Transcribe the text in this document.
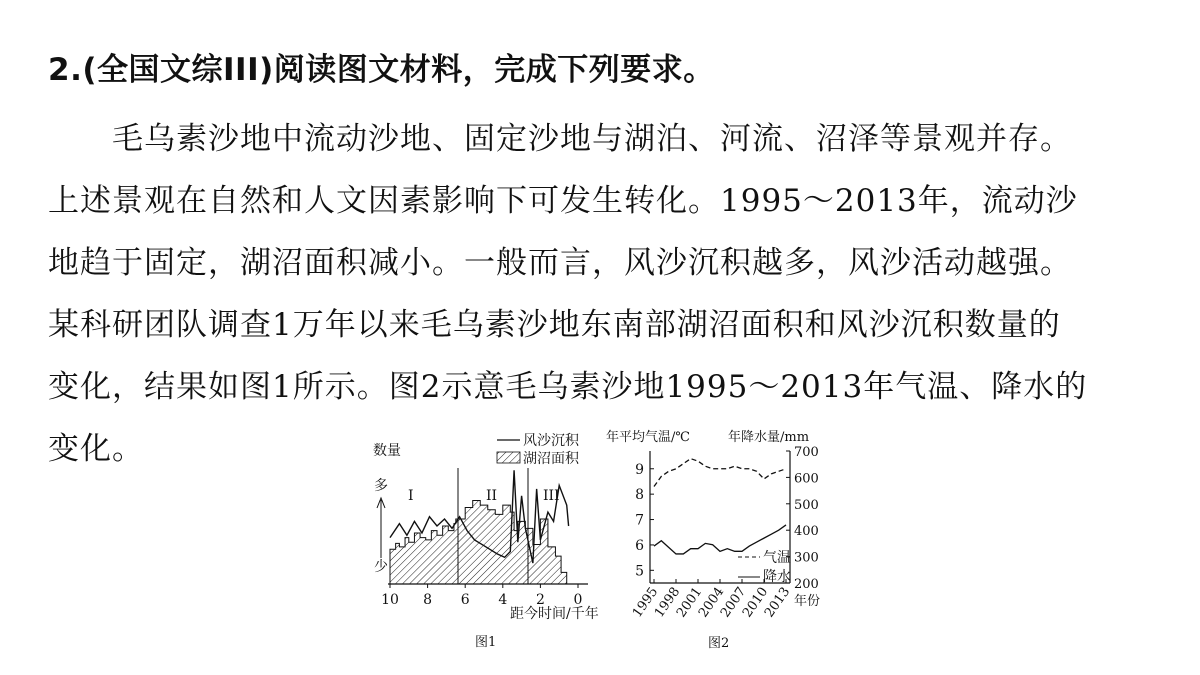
2.(全国文综III)阅读图文材料，完成下列要求。
毛乌素沙地中流动沙地、固定沙地与湖泊、河流、沼泽等景观并存。
上述景观在自然和人文因素影响下可发生转化。1995～2013年，流动沙
地趋于固定，湖沼面积减小。一般而言，风沙沉积越多，风沙活动越强。
某科研团队调查1万年以来毛乌素沙地东南部湖沼面积和风沙沉积数量的
变化，结果如图1所示。图2示意毛乌素沙地1995～2013年气温、降水的
变化。	数量
多
少
风沙沉积
湖沼面积
I	II	III
10 8 6 4 2 0
距今时间/千年
图1
年平均气温/℃	年降水量/mm
9
8
7
6
5
700
600
500
400
300
200
1995
1998
2001
2004
2007
2010
2013
气温
降水
年份
图2
